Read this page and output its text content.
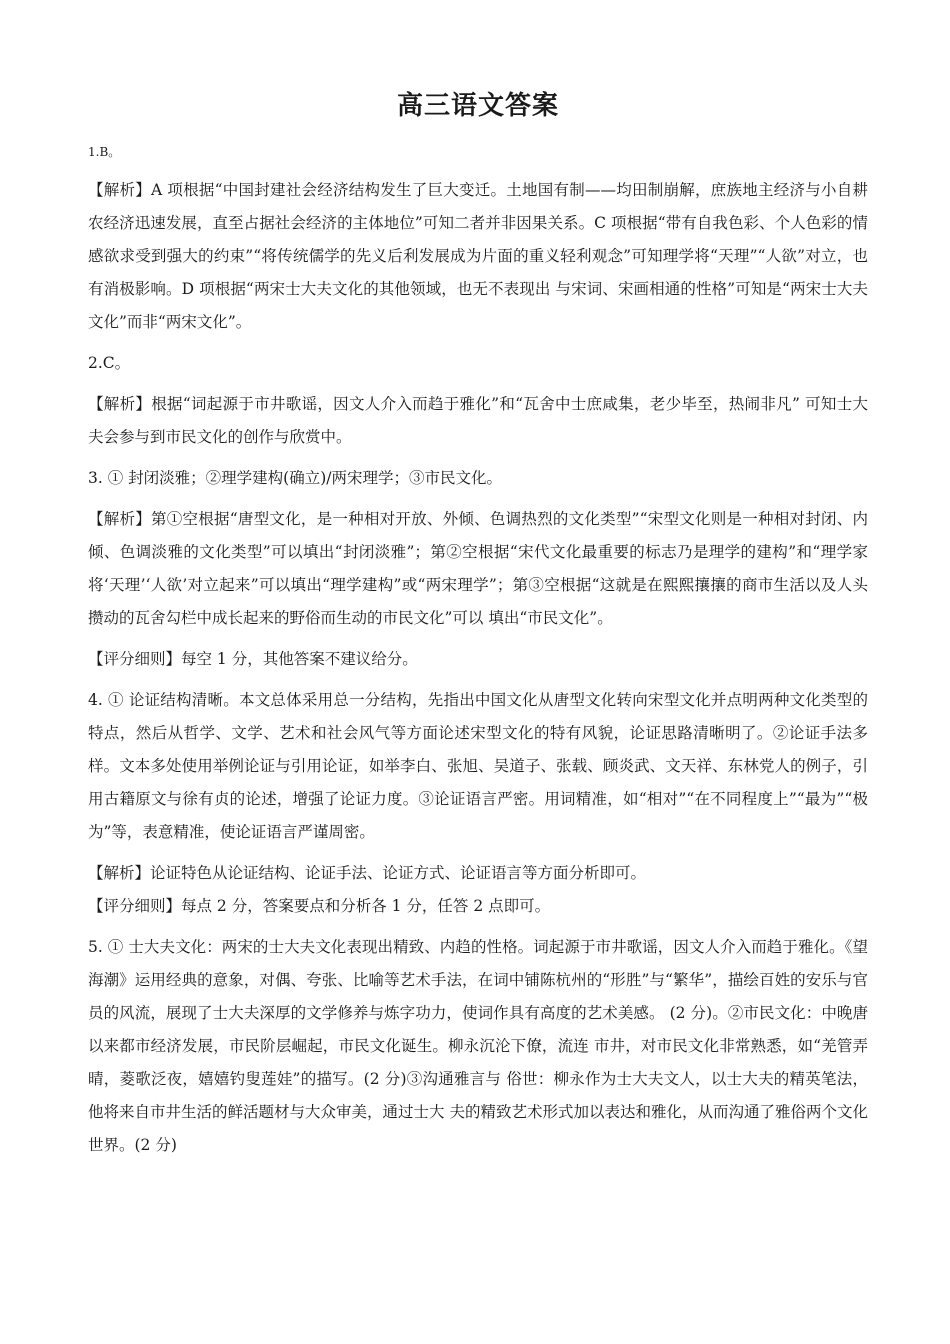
高三语文答案

1.B。

【解析】A 项根据“中国封建社会经济结构发生了巨大变迁。土地国有制——均田制崩解，庶族地主经济与小自耕农经济迅速发展，直至占据社会经济的主体地位”可知二者并非因果关系。C 项根据“带有自我色彩、个人色彩的情感欲求受到强大的约束”“将传统儒学的先义后利发展成为片面的重义轻利观念”可知理学将“天理”“人欲”对立，也有消极影响。D 项根据“两宋士大夫文化的其他领域，也无不表现出 与宋词、宋画相通的性格”可知是“两宋士大夫文化”而非“两宋文化”。

2.C。

【解析】根据“词起源于市井歌谣，因文人介入而趋于雅化”和“瓦舍中士庶咸集，老少毕至，热闹非凡” 可知士大夫会参与到市民文化的创作与欣赏中。

3. ① 封闭淡雅；②理学建构(确立)/两宋理学；③市民文化。

【解析】第①空根据“唐型文化，是一种相对开放、外倾、色调热烈的文化类型”“宋型文化则是一种相对封闭、内倾、色调淡雅的文化类型”可以填出“封闭淡雅”；第②空根据“宋代文化最重要的标志乃是理学的建构”和“理学家将‘天理’‘人欲’对立起来”可以填出“理学建构”或“两宋理学”；第③空根据“这就是在熙熙攘攘的商市生活以及人头攒动的瓦舍勾栏中成长起来的野俗而生动的市民文化”可以 填出“市民文化”。

【评分细则】每空 1 分，其他答案不建议给分。

4. ① 论证结构清晰。本文总体采用总一分结构，先指出中国文化从唐型文化转向宋型文化并点明两种文化类型的特点，然后从哲学、文学、艺术和社会风气等方面论述宋型文化的特有风貌，论证思路清晰明了。②论证手法多样。文本多处使用举例论证与引用论证，如举李白、张旭、吴道子、张载、顾炎武、文天祥、东林党人的例子，引用古籍原文与徐有贞的论述，增强了论证力度。③论证语言严密。用词精准，如“相对”“在不同程度上”“最为”“极为”等，表意精准，使论证语言严谨周密。

【解析】论证特色从论证结构、论证手法、论证方式、论证语言等方面分析即可。

【评分细则】每点 2 分，答案要点和分析各 1 分，任答 2 点即可。

5. ① 士大夫文化：两宋的士大夫文化表现出精致、内趋的性格。词起源于市井歌谣，因文人介入而趋于雅化。《望海潮》运用经典的意象，对偶、夸张、比喻等艺术手法，在词中铺陈杭州的“形胜”与“繁华”，描绘百姓的安乐与官员的风流，展现了士大夫深厚的文学修养与炼字功力，使词作具有高度的艺术美感。 (2 分)。②市民文化：中晚唐以来都市经济发展，市民阶层崛起，市民文化诞生。柳永沉沦下僚，流连 市井，对市民文化非常熟悉，如“羌管弄晴，菱歌泛夜，嬉嬉钓叟莲娃”的描写。(2 分)③沟通雅言与 俗世：柳永作为士大夫文人，以士大夫的精英笔法，他将来自市井生活的鲜活题材与大众审美，通过士大 夫的精致艺术形式加以表达和雅化，从而沟通了雅俗两个文化世界。(2 分)
